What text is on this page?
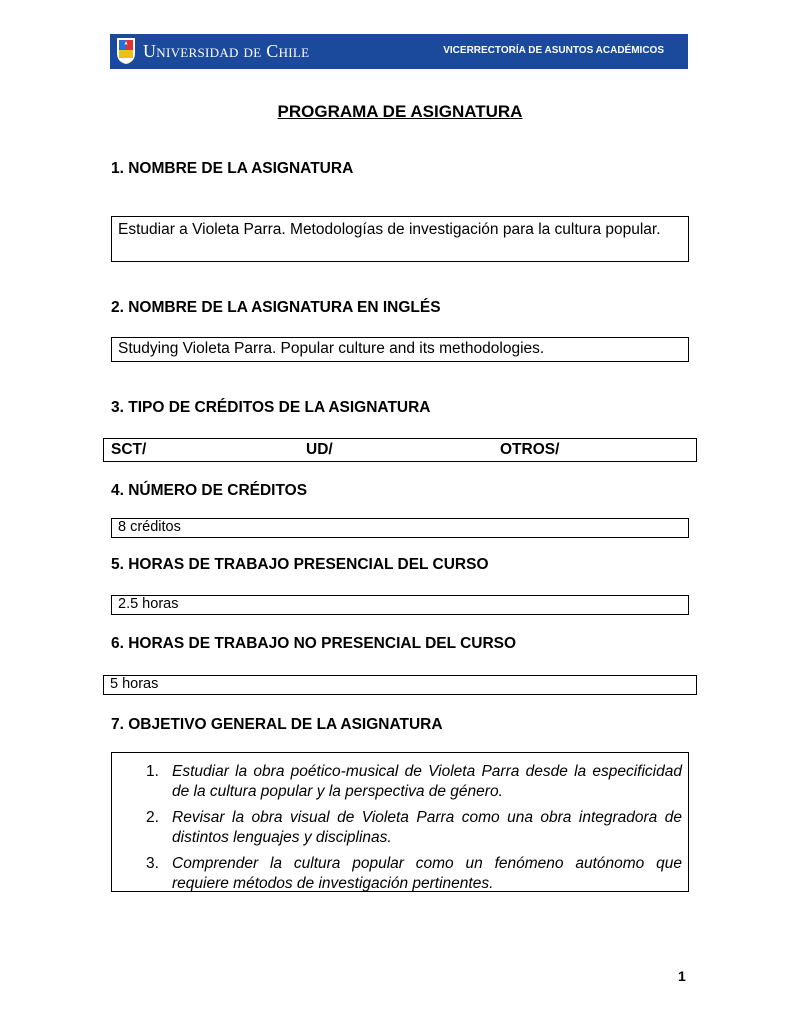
Universidad de Chile	VICERRECTORÍA DE ASUNTOS ACADÉMICOS
PROGRAMA DE ASIGNATURA
1. NOMBRE DE LA ASIGNATURA
Estudiar a Violeta Parra. Metodologías de investigación para la cultura popular.
2. NOMBRE DE LA ASIGNATURA EN INGLÉS
Studying Violeta Parra. Popular culture and its methodologies.
3. TIPO DE CRÉDITOS DE LA ASIGNATURA
SCT/	UD/	OTROS/
4. NÚMERO DE CRÉDITOS
8 créditos
5. HORAS DE TRABAJO PRESENCIAL DEL CURSO
2.5 horas
6. HORAS DE TRABAJO NO PRESENCIAL DEL CURSO
5 horas
7. OBJETIVO GENERAL DE LA ASIGNATURA
1. Estudiar la obra poético-musical de Violeta Parra desde la especificidad de la cultura popular y la perspectiva de género.
2. Revisar la obra visual de Violeta Parra como una obra integradora de distintos lenguajes y disciplinas.
3. Comprender la cultura popular como un fenómeno autónomo que requiere métodos de investigación pertinentes.
1
